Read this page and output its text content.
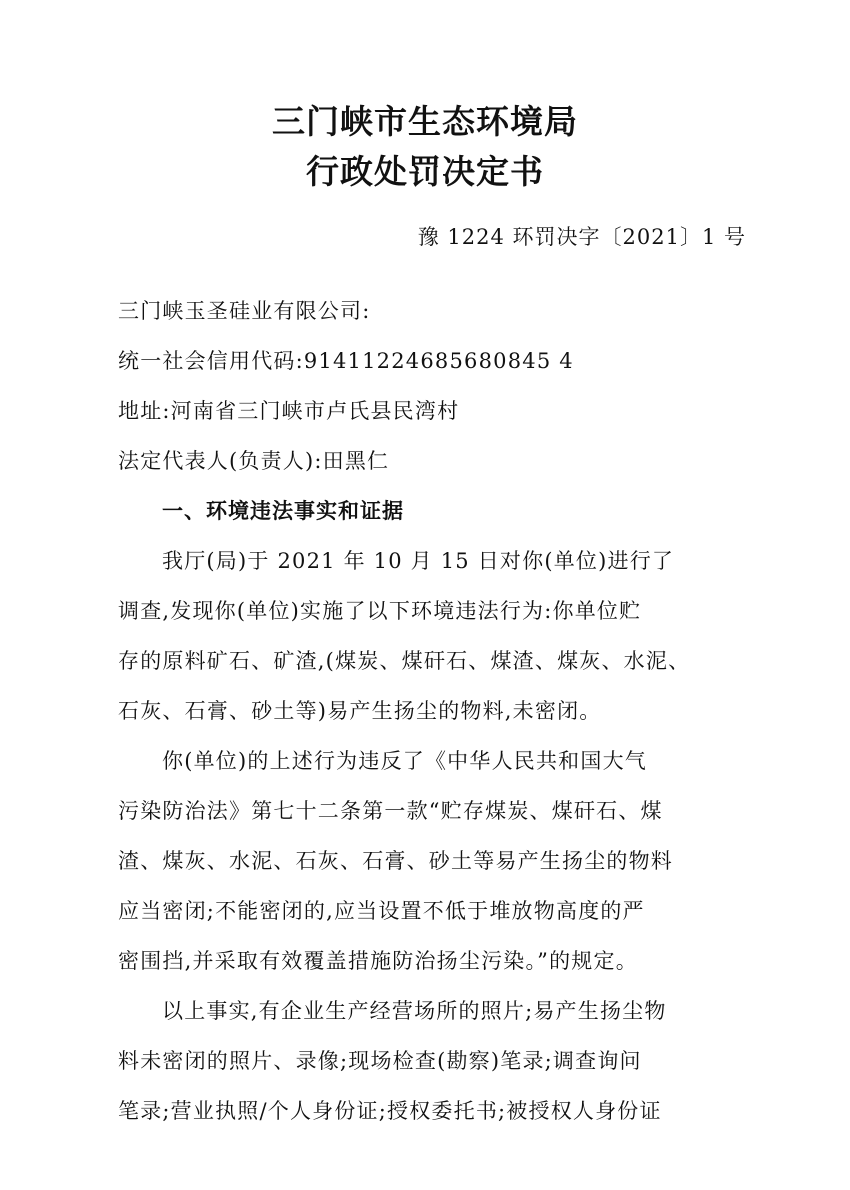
三门峡市生态环境局
行政处罚决定书
豫 1224 环罚决字〔2021〕1 号
三门峡玉圣硅业有限公司:
统一社会信用代码:91411224685680845 4
地址:河南省三门峡市卢氏县民湾村
法定代表人(负责人):田黑仁
一、环境违法事实和证据
我厅(局)于 2021 年 10 月 15 日对你(单位)进行了
调查,发现你(单位)实施了以下环境违法行为:你单位贮
存的原料矿石、矿渣,(煤炭、煤矸石、煤渣、煤灰、水泥、
石灰、石膏、砂土等)易产生扬尘的物料,未密闭。
你(单位)的上述行为违反了《中华人民共和国大气
污染防治法》第七十二条第一款“贮存煤炭、煤矸石、煤
渣、煤灰、水泥、石灰、石膏、砂土等易产生扬尘的物料
应当密闭;不能密闭的,应当设置不低于堆放物高度的严
密围挡,并采取有效覆盖措施防治扬尘污染。”的规定。
以上事实,有企业生产经营场所的照片;易产生扬尘物
料未密闭的照片、录像;现场检查(勘察)笔录;调查询问
笔录;营业执照/个人身份证;授权委托书;被授权人身份证
